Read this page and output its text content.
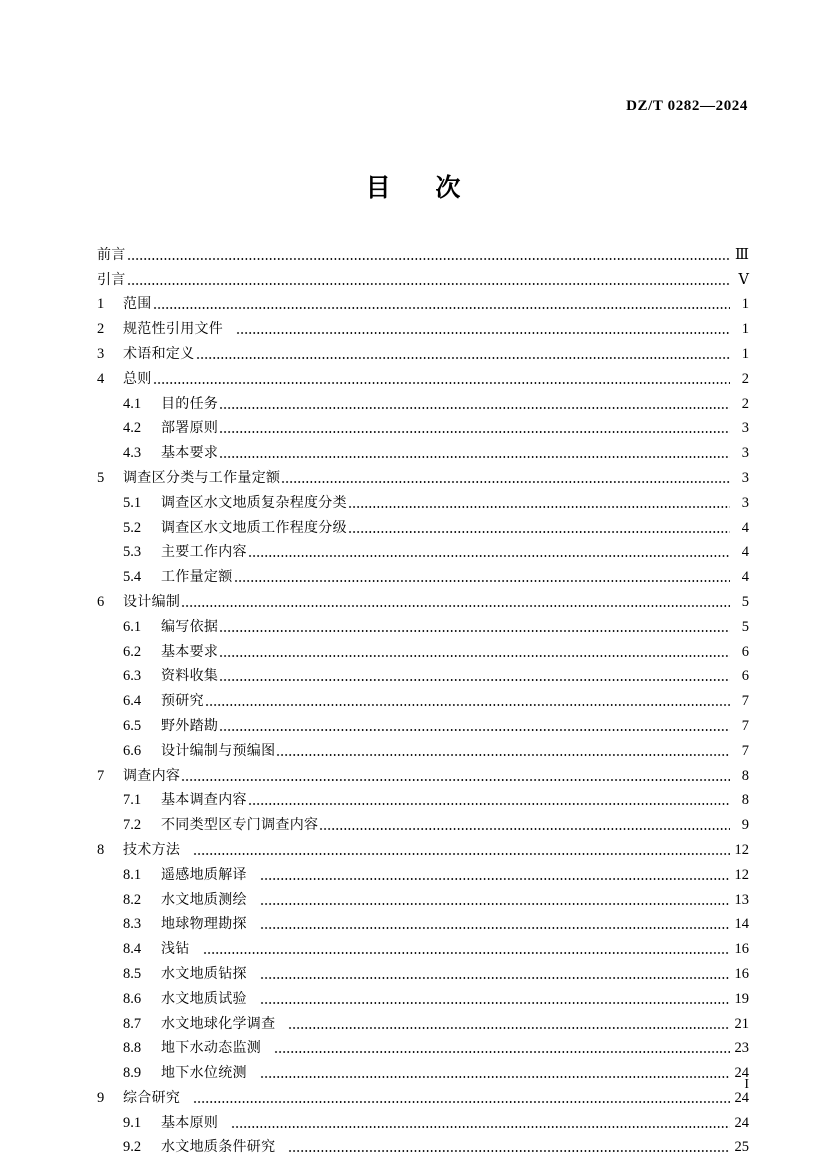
DZ/T 0282—2024
目 次
前言	Ⅲ
引言	Ⅴ
1	范围	1
2	规范性引用文件	1
3	术语和定义	1
4	总则	2
4.1	目的任务	2
4.2	部署原则	3
4.3	基本要求	3
5	调查区分类与工作量定额	3
5.1	调查区水文地质复杂程度分类	3
5.2	调查区水文地质工作程度分级	4
5.3	主要工作内容	4
5.4	工作量定额	4
6	设计编制	5
6.1	编写依据	5
6.2	基本要求	6
6.3	资料收集	6
6.4	预研究	7
6.5	野外踏勘	7
6.6	设计编制与预编图	7
7	调查内容	8
7.1	基本调查内容	8
7.2	不同类型区专门调查内容	9
8	技术方法	12
8.1	遥感地质解译	12
8.2	水文地质测绘	13
8.3	地球物理勘探	14
8.4	浅钻	16
8.5	水文地质钻探	16
8.6	水文地质试验	19
8.7	水文地球化学调查	21
8.8	地下水动态监测	23
8.9	地下水位统测	24
9	综合研究	24
9.1	基本原则	24
9.2	水文地质条件研究	25
I
